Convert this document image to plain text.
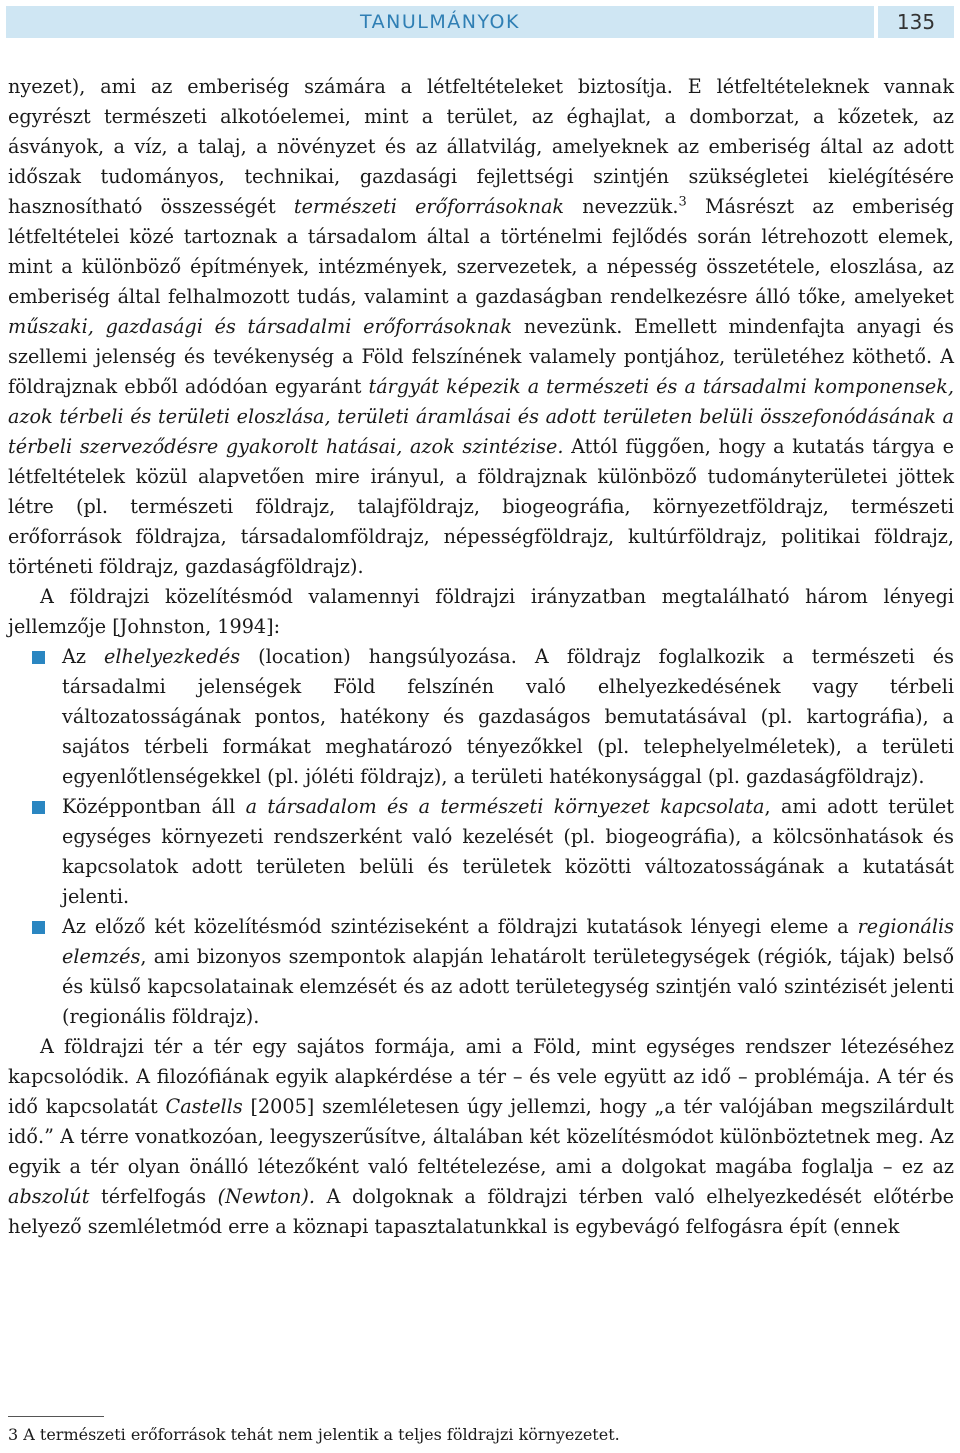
TANULMÁNYOK	135

nyezet), ami az emberiség számára a létfeltételeket biztosítja. E létfeltételeknek vannak egyrészt természeti alkotóelemei, mint a terület, az éghajlat, a domborzat, a kőzetek, az ásványok, a víz, a talaj, a növényzet és az állatvilág, amelyeknek az emberiség által az adott időszak tudományos, technikai, gazdasági fejlettségi szintjén szükségletei kielégítésére hasznosítható összességét természeti erőforrásoknak nevezzük.$^3$ Másrészt az emberiség létfeltételei közé tartoznak a társadalom által a történelmi fejlődés során létrehozott elemek, mint a különböző építmények, intézmények, szervezetek, a népesség összetétele, eloszlása, az emberiség által felhalmozott tudás, valamint a gazdaságban rendelkezésre álló tőke, amelyeket műszaki, gazdasági és társadalmi erőforrásoknak nevezünk. Emellett mindenfajta anyagi és szellemi jelenség és tevékenység a Föld felszínének valamely pontjához, területéhez köthető. A földrajznak ebből adódóan egyaránt tárgyát képezik a természeti és a társadalmi komponensek, azok térbeli és területi eloszlása, területi áramlásai és adott területen belüli összefonódásának a térbeli szerveződésre gyakorolt hatásai, azok szintézise. Attól függően, hogy a kutatás tárgya e létfeltételek közül alapvetően mire irányul, a földrajznak különböző tudományterületei jöttek létre (pl. természeti földrajz, talajföldrajz, biogeográfia, környezetföldrajz, természeti erőforrások földrajza, társadalomföldrajz, népességföldrajz, kultúrföldrajz, politikai földrajz, történeti földrajz, gazdaságföldrajz).

A földrajzi közelítésmód valamennyi földrajzi irányzatban megtalálható három lényegi jellemzője [Johnston, 1994]:

Az elhelyezkedés (location) hangsúlyozása. A földrajz foglalkozik a természeti és társadalmi jelenségek Föld felszínén való elhelyezkedésének vagy térbeli változatosságának pontos, hatékony és gazdaságos bemutatásával (pl. kartográfia), a sajátos térbeli formákat meghatározó tényezőkkel (pl. telephelyelméletek), a területi egyenlőtlenségekkel (pl. jóléti földrajz), a területi hatékonysággal (pl. gazdaságföldrajz).
Középpontban áll a társadalom és a természeti környezet kapcsolata, ami adott terület egységes környezeti rendszerként való kezelését (pl. biogeográfia), a kölcsönhatások és kapcsolatok adott területen belüli és területek közötti változatosságának a kutatását jelenti.
Az előző két közelítésmód szintéziseként a földrajzi kutatások lényegi eleme a regionális elemzés, ami bizonyos szempontok alapján lehatárolt területegységek (régiók, tájak) belső és külső kapcsolatainak elemzését és az adott területegység szintjén való szintézisét jelenti (regionális földrajz).

A földrajzi tér a tér egy sajátos formája, ami a Föld, mint egységes rendszer létezéséhez kapcsolódik. A filozófiának egyik alapkérdése a tér – és vele együtt az idő – problémája. A tér és idő kapcsolatát Castells [2005] szemléletesen úgy jellemzi, hogy „a tér valójában megszilárdult idő.” A térre vonatkozóan, leegyszerűsítve, általában két közelítésmódot különböztetnek meg. Az egyik a tér olyan önálló létezőként való feltételezése, ami a dolgokat magába foglalja – ez az abszolút térfelfogás (Newton). A dolgoknak a földrajzi térben való elhelyezkedését előtérbe helyező szemléletmód erre a köznapi tapasztalatunkkal is egybevágó felfogásra épít (ennek

3 A természeti erőforrások tehát nem jelentik a teljes földrajzi környezetet.
